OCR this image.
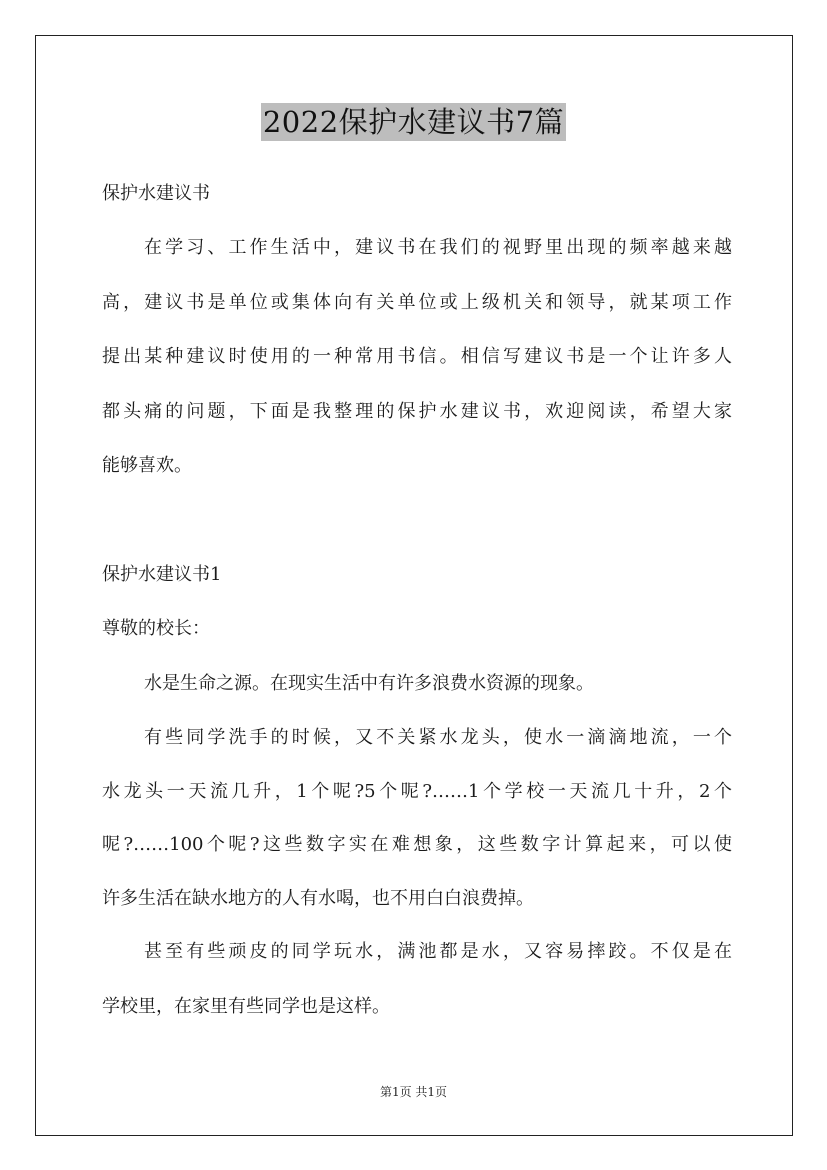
2022保护水建议书7篇
保护水建议书
在学习、工作生活中，建议书在我们的视野里出现的频率越来越
高，建议书是单位或集体向有关单位或上级机关和领导，就某项工作
提出某种建议时使用的一种常用书信。相信写建议书是一个让许多人
都头痛的问题，下面是我整理的保护水建议书，欢迎阅读，希望大家
能够喜欢。
保护水建议书1
尊敬的校长：
水是生命之源。在现实生活中有许多浪费水资源的现象。
有些同学洗手的时候，又不关紧水龙头，使水一滴滴地流，一个
水龙头一天流几升，1个呢?5个呢?……1个学校一天流几十升，2个
呢?……100个呢?这些数字实在难想象，这些数字计算起来，可以使
许多生活在缺水地方的人有水喝，也不用白白浪费掉。
甚至有些顽皮的同学玩水，满池都是水，又容易摔跤。不仅是在
学校里，在家里有些同学也是这样。
第1页 共1页
